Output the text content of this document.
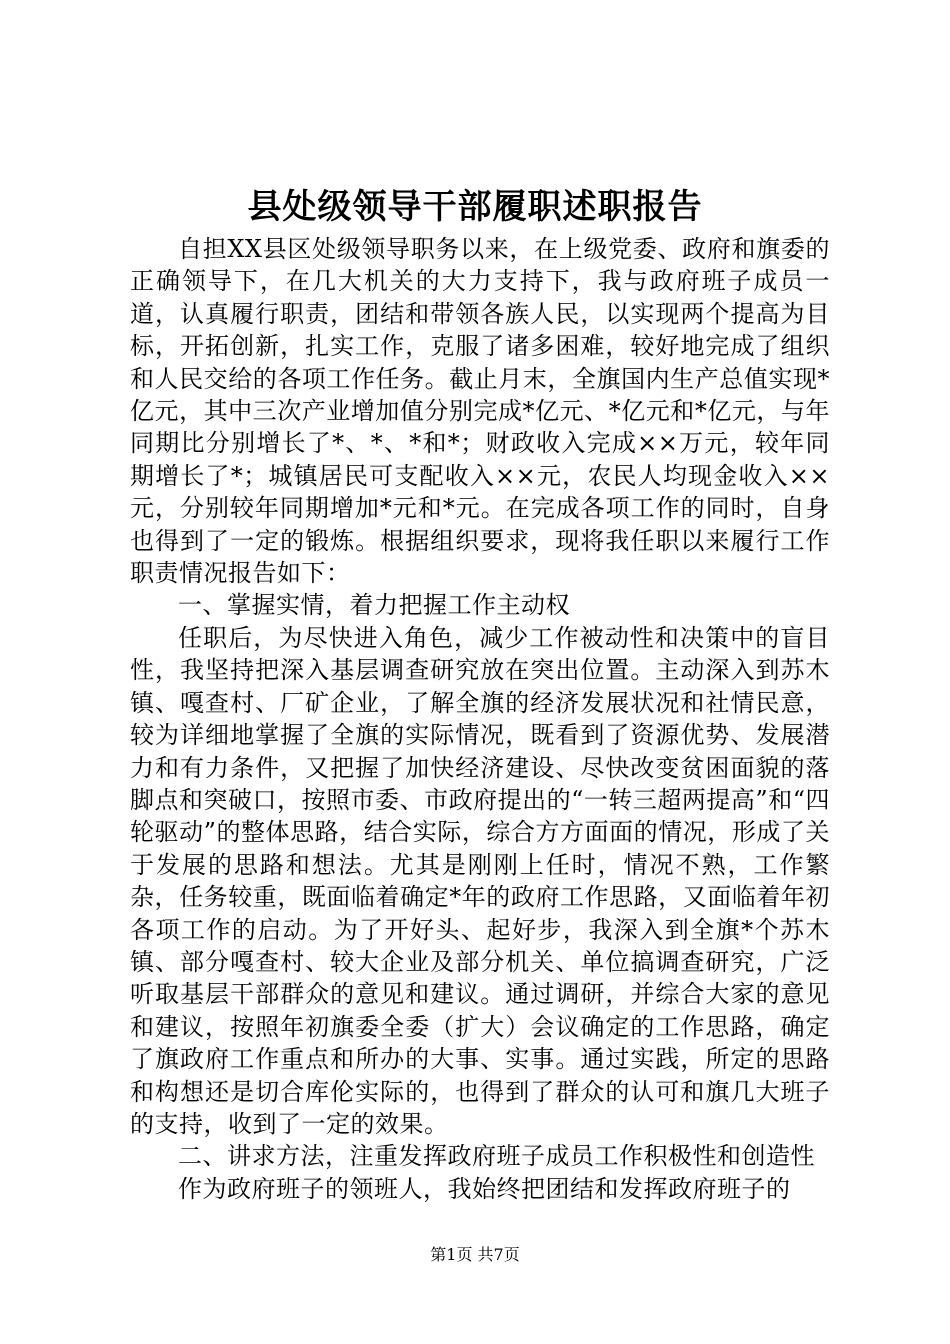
县处级领导干部履职述职报告

自担XX县区处级领导职务以来，在上级党委、政府和旗委的正确领导下，在几大机关的大力支持下，我与政府班子成员一道，认真履行职责，团结和带领各族人民，以实现两个提高为目标，开拓创新，扎实工作，克服了诸多困难，较好地完成了组织和人民交给的各项工作任务。截止月末，全旗国内生产总值实现*亿元，其中三次产业增加值分别完成*亿元、*亿元和*亿元，与年同期比分别增长了*、*、*和*；财政收入完成××万元，较年同期增长了*；城镇居民可支配收入××元，农民人均现金收入××元，分别较年同期增加*元和*元。在完成各项工作的同时，自身也得到了一定的锻炼。根据组织要求，现将我任职以来履行工作职责情况报告如下：

一、掌握实情，着力把握工作主动权

任职后，为尽快进入角色，减少工作被动性和决策中的盲目性，我坚持把深入基层调查研究放在突出位置。主动深入到苏木镇、嘎查村、厂矿企业，了解全旗的经济发展状况和社情民意，较为详细地掌握了全旗的实际情况，既看到了资源优势、发展潜力和有力条件，又把握了加快经济建设、尽快改变贫困面貌的落脚点和突破口，按照市委、市政府提出的“一转三超两提高”和“四轮驱动”的整体思路，结合实际，综合方方面面的情况，形成了关于发展的思路和想法。尤其是刚刚上任时，情况不熟，工作繁杂，任务较重，既面临着确定*年的政府工作思路，又面临着年初各项工作的启动。为了开好头、起好步，我深入到全旗*个苏木镇、部分嘎查村、较大企业及部分机关、单位搞调查研究，广泛听取基层干部群众的意见和建议。通过调研，并综合大家的意见和建议，按照年初旗委全委（扩大）会议确定的工作思路，确定了旗政府工作重点和所办的大事、实事。通过实践，所定的思路和构想还是切合库伦实际的，也得到了群众的认可和旗几大班子的支持，收到了一定的效果。

二、讲求方法，注重发挥政府班子成员工作积极性和创造性

作为政府班子的领班人，我始终把团结和发挥政府班子的

第1页 共7页
